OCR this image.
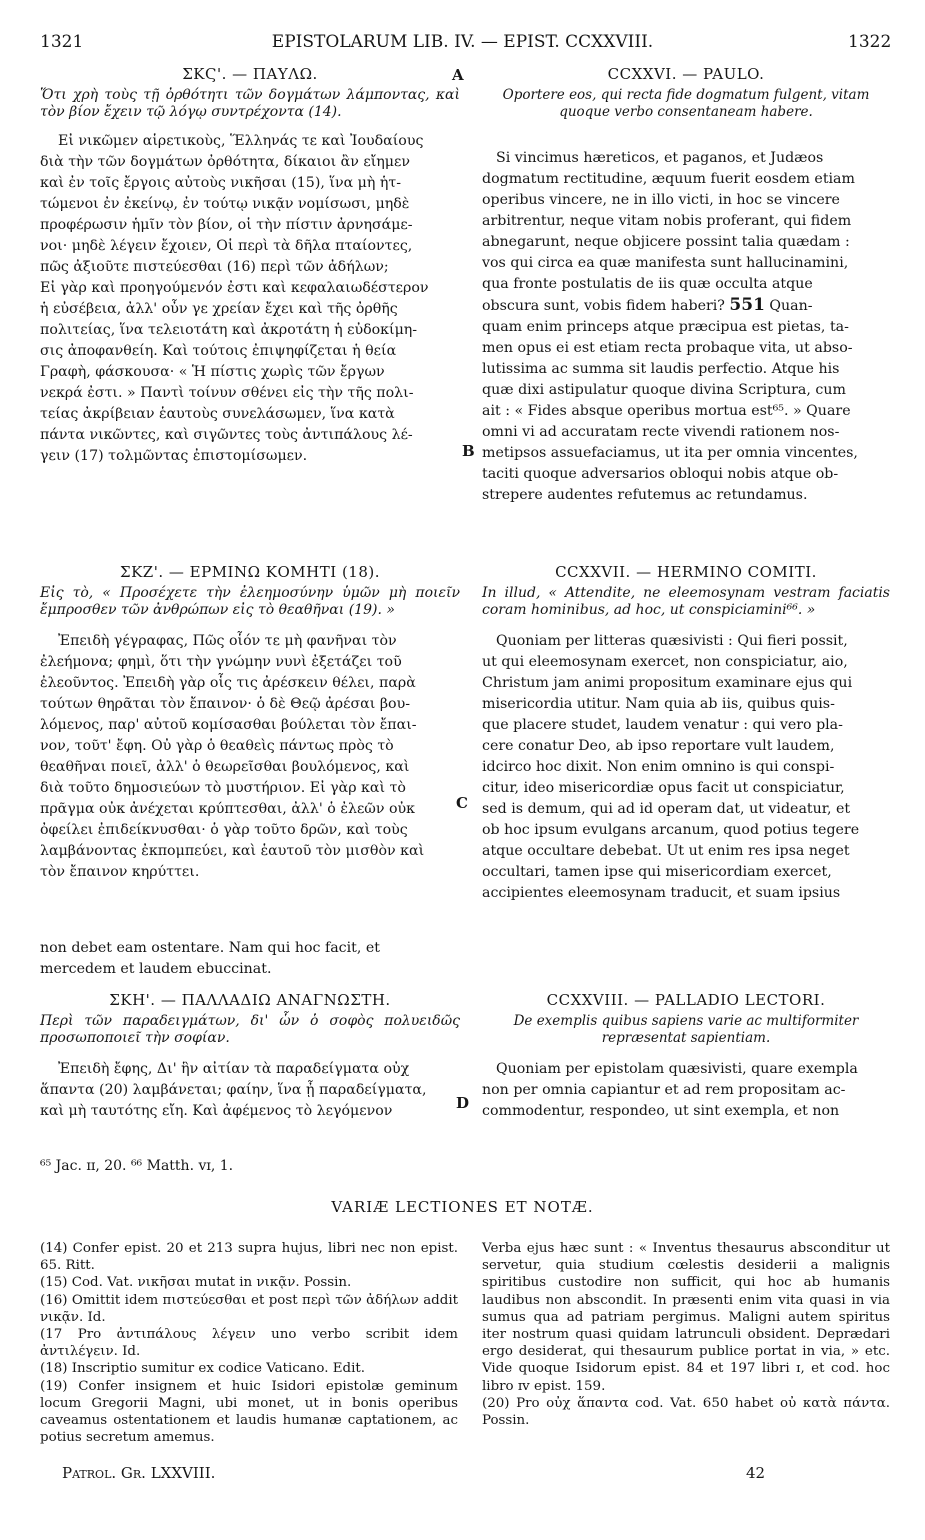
1321	EPISTOLARUM LIB. IV. — EPIST. CCXXVIII.	1322
A
B
C
D
ΣΚϚ'. — ΠΑΥΛΩ.
Ὅτι χρὴ τοὺς τῇ ὀρθότητι τῶν δογμάτων λάμποντας, καὶ τὸν βίον ἔχειν τῷ λόγῳ συντρέχοντα (14).
Εἰ νικῶμεν αἱρετικοὺς, Ἕλληνάς τε καὶ Ἰουδαίους
διὰ τὴν τῶν δογμάτων ὀρθότητα, δίκαιοι ἂν εἴημεν
καὶ ἐν τοῖς ἔργοις αὐτοὺς νικῆσαι (15), ἵνα μὴ ἡτ-
τώμενοι ἐν ἐκείνῳ, ἐν τούτῳ νικᾷν νομίσωσι, μηδὲ
προφέρωσιν ἡμῖν τὸν βίον, οἱ τὴν πίστιν ἀρνησάμε-
νοι· μηδὲ λέγειν ἔχοιεν, Οἱ περὶ τὰ δῆλα πταίοντες,
πῶς ἀξιοῦτε πιστεύεσθαι (16) περὶ τῶν ἀδήλων;
Εἰ γὰρ καὶ προηγούμενόν ἐστι καὶ κεφαλαιωδέστερον
ἡ εὐσέβεια, ἀλλ' οὖν γε χρείαν ἔχει καὶ τῆς ὀρθῆς
πολιτείας, ἵνα τελειοτάτη καὶ ἀκροτάτη ἡ εὐδοκίμη-
σις ἀποφανθείη. Καὶ τούτοις ἐπιψηφίζεται ἡ θεία
Γραφὴ, φάσκουσα· « Ἡ πίστις χωρὶς τῶν ἔργων
νεκρά ἐστι. » Παντὶ τοίνυν σθένει εἰς τὴν τῆς πολι-
τείας ἀκρίβειαν ἑαυτοὺς συνελάσωμεν, ἵνα κατὰ
πάντα νικῶντες, καὶ σιγῶντες τοὺς ἀντιπάλους λέ-
γειν (17) τολμῶντας ἐπιστομίσωμεν.
CCXXVI. — PAULO.
Oportere eos, qui recta fide dogmatum fulgent, vitam quoque verbo consentaneam habere.
Si vincimus hæreticos, et paganos, et Judæos
dogmatum rectitudine, æquum fuerit eosdem etiam
operibus vincere, ne in illo victi, in hoc se vincere
arbitrentur, neque vitam nobis proferant, qui fidem
abnegarunt, neque objicere possint talia quædam :
vos qui circa ea quæ manifesta sunt hallucinamini,
qua fronte postulatis de iis quæ occulta atque
obscura sunt, vobis fidem haberi? 551 Quan-
quam enim princeps atque præcipua est pietas, ta-
men opus ei est etiam recta probaque vita, ut abso-
lutissima ac summa sit laudis perfectio. Atque his
quæ dixi astipulatur quoque divina Scriptura, cum
ait : « Fides absque operibus mortua est⁶⁵. » Quare
omni vi ad accuratam recte vivendi rationem nos-
metipsos assuefaciamus, ut ita per omnia vincentes,
taciti quoque adversarios obloqui nobis atque ob-
strepere audentes refutemus ac retundamus.
ΣΚΖ'. — ΕΡΜΙΝΩ ΚΟΜΗΤΙ (18).
Εἰς τὸ, « Προσέχετε τὴν ἐλεημοσύνην ὑμῶν μὴ ποιεῖν ἔμπροσθεν τῶν ἀνθρώπων εἰς τὸ θεαθῆναι (19). »
Ἐπειδὴ γέγραφας, Πῶς οἷόν τε μὴ φανῆναι τὸν
ἐλεήμονα; φημὶ, ὅτι τὴν γνώμην νυνὶ ἐξετάζει τοῦ
ἐλεοῦντος. Ἐπειδὴ γὰρ οἷς τις ἀρέσκειν θέλει, παρὰ
τούτων θηρᾶται τὸν ἔπαινον· ὁ δὲ Θεῷ ἀρέσαι βου-
λόμενος, παρ' αὐτοῦ κομίσασθαι βούλεται τὸν ἔπαι-
νον, τοῦτ' ἔφη. Οὐ γὰρ ὁ θεαθεὶς πάντως πρὸς τὸ
θεαθῆναι ποιεῖ, ἀλλ' ὁ θεωρεῖσθαι βουλόμενος, καὶ
διὰ τοῦτο δημοσιεύων τὸ μυστήριον. Εἰ γὰρ καὶ τὸ
πρᾶγμα οὐκ ἀνέχεται κρύπτεσθαι, ἀλλ' ὁ ἐλεῶν οὐκ
ὀφείλει ἐπιδείκνυσθαι· ὁ γὰρ τοῦτο δρῶν, καὶ τοὺς
λαμβάνοντας ἐκπομπεύει, καὶ ἑαυτοῦ τὸν μισθὸν καὶ
τὸν ἔπαινον κηρύττει.
CCXXVII. — HERMINO COMITI.
In illud, « Attendite, ne eleemosynam vestram faciatis coram hominibus, ad hoc, ut conspiciamini⁶⁶. »
Quoniam per litteras quæsivisti : Qui fieri possit,
ut qui eleemosynam exercet, non conspiciatur, aio,
Christum jam animi propositum examinare ejus qui
misericordia utitur. Nam quia ab iis, quibus quis-
que placere studet, laudem venatur : qui vero pla-
cere conatur Deo, ab ipso reportare vult laudem,
idcirco hoc dixit. Non enim omnino is qui conspi-
citur, ideo misericordiæ opus facit ut conspiciatur,
sed is demum, qui ad id operam dat, ut videatur, et
ob hoc ipsum evulgans arcanum, quod potius tegere
atque occultare debebat. Ut ut enim res ipsa neget
occultari, tamen ipse qui misericordiam exercet,
accipientes eleemosynam traducit, et suam ipsius
non debet eam ostentare. Nam qui hoc facit, et
mercedem et laudem ebuccinat.
ΣΚΗ'. — ΠΑΛΛΑΔΙΩ ΑΝΑΓΝΩΣΤΗ.
Περὶ τῶν παραδειγμάτων, δι' ὧν ὁ σοφὸς πολυειδῶς προσωποποιεῖ τὴν σοφίαν.
Ἐπειδὴ ἔφης, Δι' ἣν αἰτίαν τὰ παραδείγματα οὐχ
ἅπαντα (20) λαμβάνεται; φαίην, ἵνα ᾖ παραδείγματα,
καὶ μὴ ταυτότης εἴη. Καὶ ἀφέμενος τὸ λεγόμενον
CCXXVIII. — PALLADIO LECTORI.
De exemplis quibus sapiens varie ac multiformiter repræsentat sapientiam.
Quoniam per epistolam quæsivisti, quare exempla
non per omnia capiantur et ad rem propositam ac-
commodentur, respondeo, ut sint exempla, et non
⁶⁵ Jac. ɪɪ, 20. ⁶⁶ Matth. ᴠɪ, 1.
VARIÆ LECTIONES ET NOTÆ.

(14) Confer epist. 20 et 213 supra hujus, libri nec non epist. 65. Ritt.

(15) Cod. Vat. νικῆσαι mutat in νικᾷν. Possin.

(16) Omittit idem πιστεύεσθαι et post περὶ τῶν ἀδήλων addit νικᾷν. Id.

(17 Pro ἀντιπάλους λέγειν uno verbo scribit idem ἀντιλέγειν. Id.

(18) Inscriptio sumitur ex codice Vaticano. Edit.

(19) Confer insignem et huic Isidori epistolæ geminum locum Gregorii Magni, ubi monet, ut in bonis operibus caveamus ostentationem et laudis humanæ captationem, ac potius secretum amemus.

Verba ejus hæc sunt : « Inventus thesaurus absconditur ut servetur, quia studium cœlestis desiderii a malignis spiritibus custodire non sufficit, qui hoc ab humanis laudibus non abscondit. In præsenti enim vita quasi in via sumus qua ad patriam pergimus. Maligni autem spiritus iter nostrum quasi quidam latrunculi obsident. Deprædari ergo desiderat, qui thesaurum publice portat in via, » etc. Vide quoque Isidorum epist. 84 et 197 libri ɪ, et cod. hoc libro ɪᴠ epist. 159.

(20) Pro οὐχ ἅπαντα cod. Vat. 650 habet οὐ κατὰ πάντα. Possin.

Patrol. Gr. LXXVIII.	42
